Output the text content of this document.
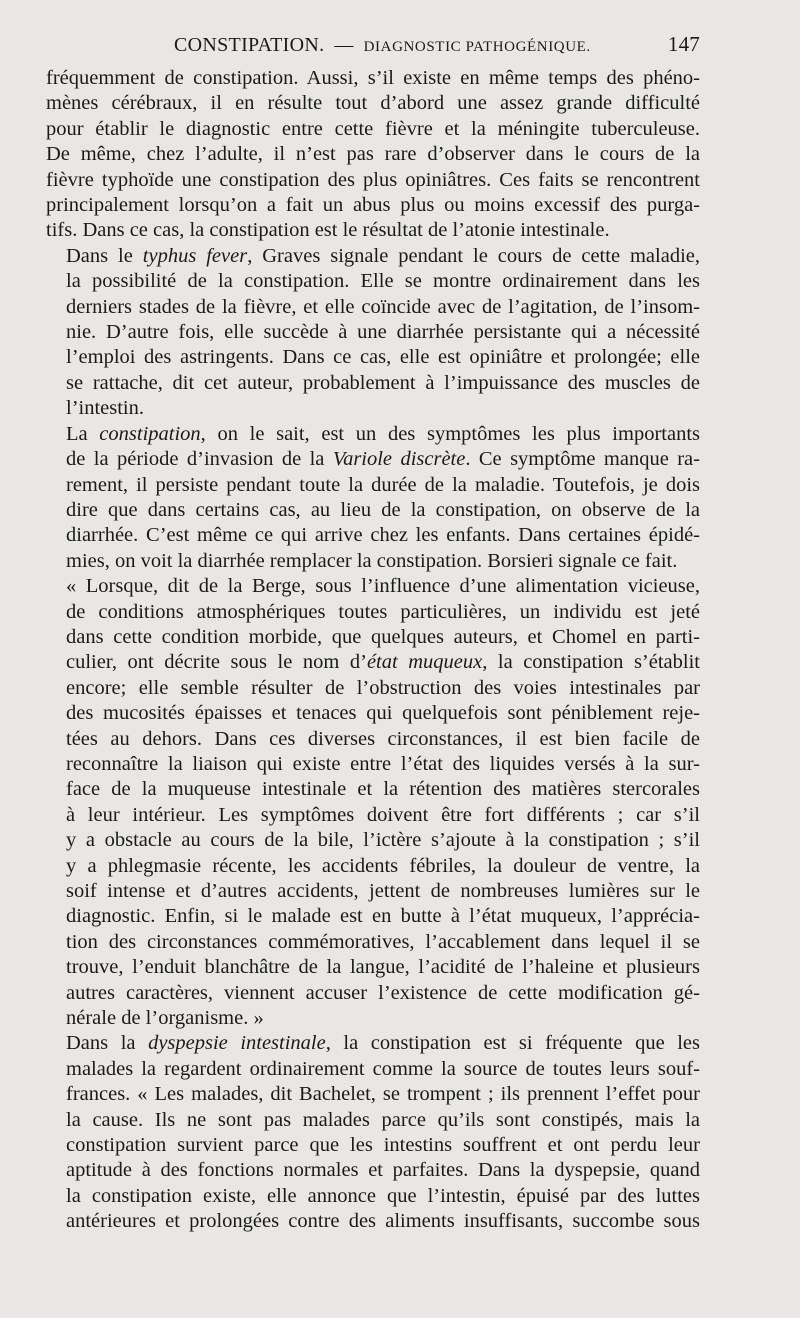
CONSTIPATION. — DIAGNOSTIC PATHOGÉNIQUE.	147
fréquemment de constipation. Aussi, s’il existe en même temps des phéno-
mènes cérébraux, il en résulte tout d’abord une assez grande difficulté
pour établir le diagnostic entre cette fièvre et la méningite tuberculeuse.
De même, chez l’adulte, il n’est pas rare d’observer dans le cours de la
fièvre typhoïde une constipation des plus opiniâtres. Ces faits se rencontrent
principalement lorsqu’on a fait un abus plus ou moins excessif des purga-
tifs. Dans ce cas, la constipation est le résultat de l’atonie intestinale.
Dans le typhus fever, Graves signale pendant le cours de cette maladie,
la possibilité de la constipation. Elle se montre ordinairement dans les
derniers stades de la fièvre, et elle coïncide avec de l’agitation, de l’insom-
nie. D’autre fois, elle succède à une diarrhée persistante qui a nécessité
l’emploi des astringents. Dans ce cas, elle est opiniâtre et prolongée; elle
se rattache, dit cet auteur, probablement à l’impuissance des muscles de
l’intestin.
La constipation, on le sait, est un des symptômes les plus importants
de la période d’invasion de la Variole discrète. Ce symptôme manque ra-
rement, il persiste pendant toute la durée de la maladie. Toutefois, je dois
dire que dans certains cas, au lieu de la constipation, on observe de la
diarrhée. C’est même ce qui arrive chez les enfants. Dans certaines épidé-
mies, on voit la diarrhée remplacer la constipation. Borsieri signale ce fait.
« Lorsque, dit de la Berge, sous l’influence d’une alimentation vicieuse,
de conditions atmosphériques toutes particulières, un individu est jeté
dans cette condition morbide, que quelques auteurs, et Chomel en parti-
culier, ont décrite sous le nom d’état muqueux, la constipation s’établit
encore; elle semble résulter de l’obstruction des voies intestinales par
des mucosités épaisses et tenaces qui quelquefois sont péniblement reje-
tées au dehors. Dans ces diverses circonstances, il est bien facile de
reconnaître la liaison qui existe entre l’état des liquides versés à la sur-
face de la muqueuse intestinale et la rétention des matières stercorales
à leur intérieur. Les symptômes doivent être fort différents ; car s’il
y a obstacle au cours de la bile, l’ictère s’ajoute à la constipation ; s’il
y a phlegmasie récente, les accidents fébriles, la douleur de ventre, la
soif intense et d’autres accidents, jettent de nombreuses lumières sur le
diagnostic. Enfin, si le malade est en butte à l’état muqueux, l’apprécia-
tion des circonstances commémoratives, l’accablement dans lequel il se
trouve, l’enduit blanchâtre de la langue, l’acidité de l’haleine et plusieurs
autres caractères, viennent accuser l’existence de cette modification gé-
nérale de l’organisme. »
Dans la dyspepsie intestinale, la constipation est si fréquente que les
malades la regardent ordinairement comme la source de toutes leurs souf-
frances. « Les malades, dit Bachelet, se trompent ; ils prennent l’effet pour
la cause. Ils ne sont pas malades parce qu’ils sont constipés, mais la
constipation survient parce que les intestins souffrent et ont perdu leur
aptitude à des fonctions normales et parfaites. Dans la dyspepsie, quand
la constipation existe, elle annonce que l’intestin, épuisé par des luttes
antérieures et prolongées contre des aliments insuffisants, succombe sous
